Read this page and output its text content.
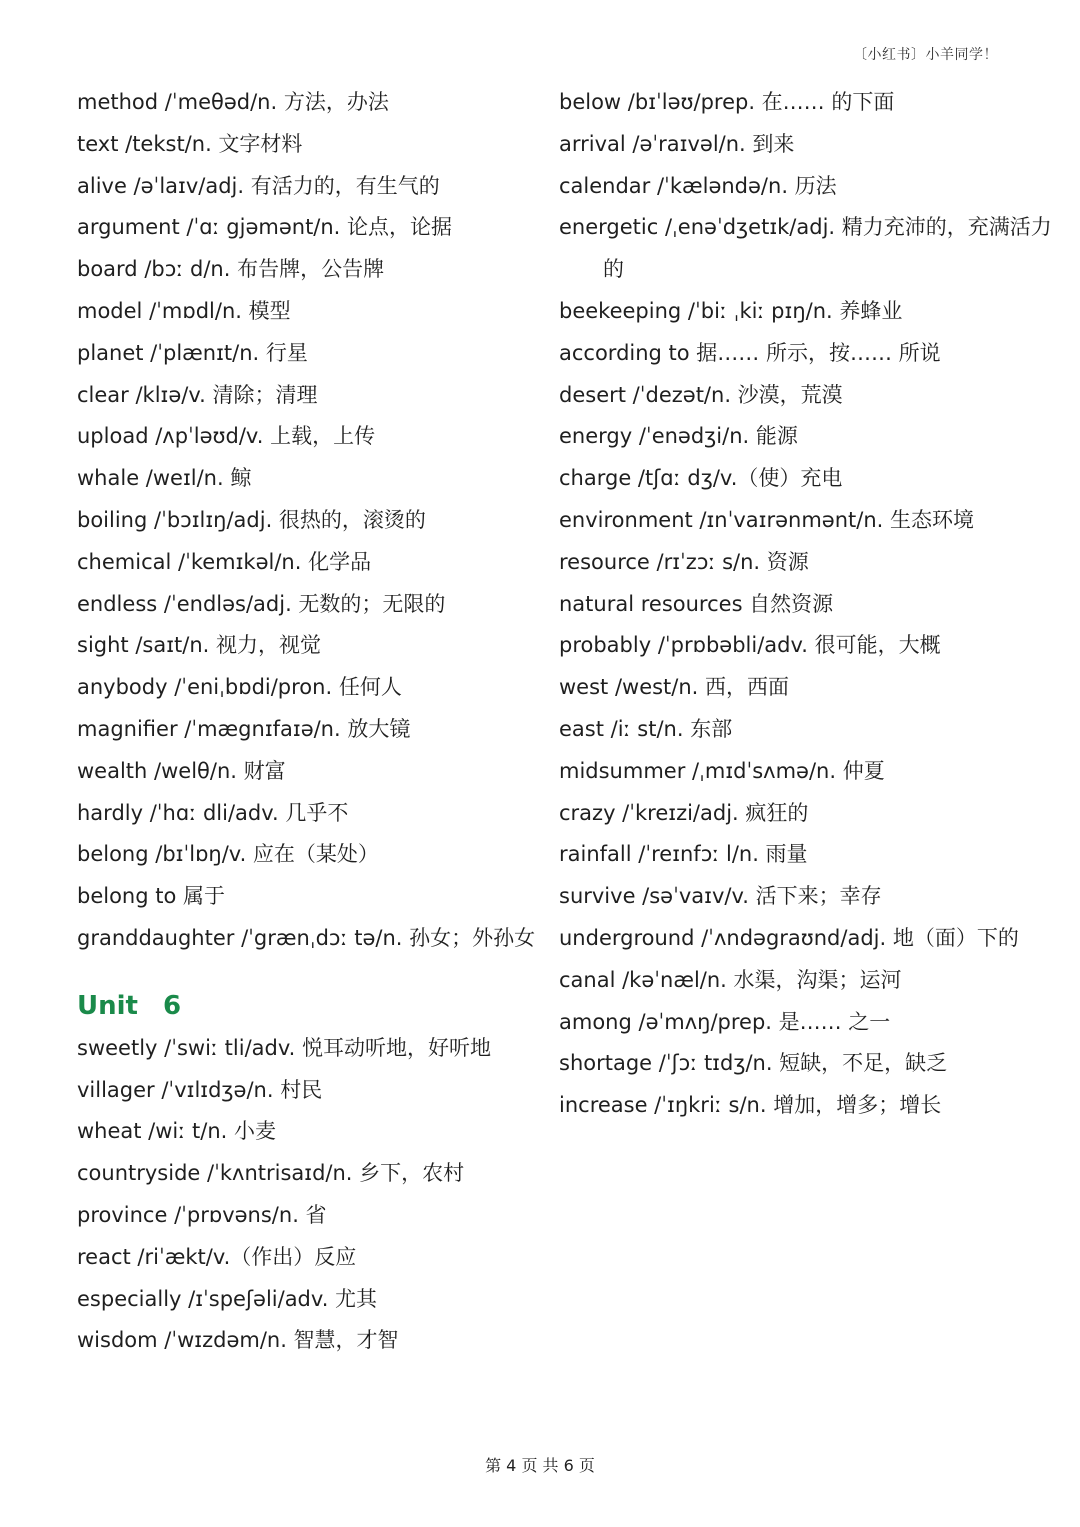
〔小红书〕小羊同学！
method /ˈmeθəd/n. 方法，办法
text /tekst/n. 文字材料
alive /əˈlaɪv/adj. 有活力的，有生气的
argument /ˈɑː gjəmənt/n. 论点，论据
board /bɔː d/n. 布告牌，公告牌
model /ˈmɒdl/n. 模型
planet /ˈplænɪt/n. 行星
clear /klɪə/v. 清除；清理
upload /ʌpˈləʊd/v. 上载，上传
whale /weɪl/n. 鲸
boiling /ˈbɔɪlɪŋ/adj. 很热的，滚烫的
chemical /ˈkemɪkəl/n. 化学品
endless /ˈendləs/adj. 无数的；无限的
sight /saɪt/n. 视力，视觉
anybody /ˈeniˌbɒdi/pron. 任何人
magnifier /ˈmægnɪfaɪə/n. 放大镜
wealth /welθ/n. 财富
hardly /ˈhɑː dli/adv. 几乎不
belong /bɪˈlɒŋ/v. 应在（某处）
belong to 属于
granddaughter /ˈgrænˌdɔː tə/n. 孙女；外孙女
Unit 6
sweetly /ˈswiː tli/adv. 悦耳动听地，好听地
villager /ˈvɪlɪdʒə/n. 村民
wheat /wiː t/n. 小麦
countryside /ˈkʌntrisaɪd/n. 乡下，农村
province /ˈprɒvəns/n. 省
react /riˈækt/v.（作出）反应
especially /ɪˈspeʃəli/adv. 尤其
wisdom /ˈwɪzdəm/n. 智慧，才智
below /bɪˈləʊ/prep. 在…… 的下面
arrival /əˈraɪvəl/n. 到来
calendar /ˈkæləndə/n. 历法
energetic /ˌenəˈdʒetɪk/adj. 精力充沛的，充满活力的
beekeeping /ˈbiː ˌkiː pɪŋ/n. 养蜂业
according to 据…… 所示，按…… 所说
desert /ˈdezət/n. 沙漠，荒漠
energy /ˈenədʒi/n. 能源
charge /tʃɑː dʒ/v.（使）充电
environment /ɪnˈvaɪrənmənt/n. 生态环境
resource /rɪˈzɔː s/n. 资源
natural resources 自然资源
probably /ˈprɒbəbli/adv. 很可能，大概
west /west/n. 西，西面
east /iː st/n. 东部
midsummer /ˌmɪdˈsʌmə/n. 仲夏
crazy /ˈkreɪzi/adj. 疯狂的
rainfall /ˈreɪnfɔː l/n. 雨量
survive /səˈvaɪv/v. 活下来；幸存
underground /ˈʌndəgraʊnd/adj. 地（面）下的
canal /kəˈnæl/n. 水渠，沟渠；运河
among /əˈmʌŋ/prep. 是…… 之一
shortage /ˈʃɔː tɪdʒ/n. 短缺，不足，缺乏
increase /ˈɪŋkriː s/n. 增加，增多；增长
第 4 页 共 6 页
